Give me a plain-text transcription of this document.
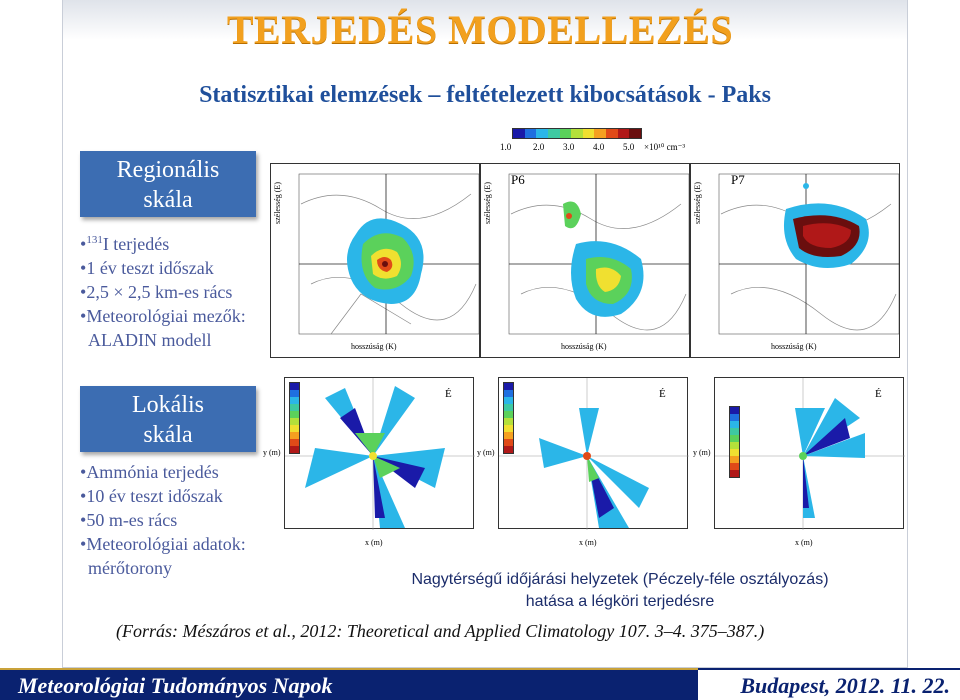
TERJEDÉS MODELLEZÉS
Statisztikai elemzések – feltételezett kibocsátások - Paks
Regionális
skála
•$^{131}$I terjedés
•1 év teszt időszak
•2,5 × 2,5 km-es rács
•Meteorológiai mezők:
ALADIN modell
Lokális
skála
•Ammónia terjedés
•10 év teszt időszak
•50 m-es rács
•Meteorológiai adatok:
mérőtorony
1.0 2.0 3.0 4.0 5.0 ×10¹⁰ cm⁻³
szélesség (E)
hosszúság (K)
P6
szélesség (E)
hosszúság (K)
P7
szélesség (E)
hosszúság (K)
É
x (m)
y (m)
É
x (m)
y (m)
É
x (m)
y (m)
Nagytérségű időjárási helyzetek (Péczely-féle osztályozás)
hatása a légköri terjedésre
(Forrás: Mészáros et al., 2012: Theoretical and Applied Climatology 107. 3–4. 375–387.)
Meteorológiai Tudományos Napok	Budapest, 2012. 11. 22.
